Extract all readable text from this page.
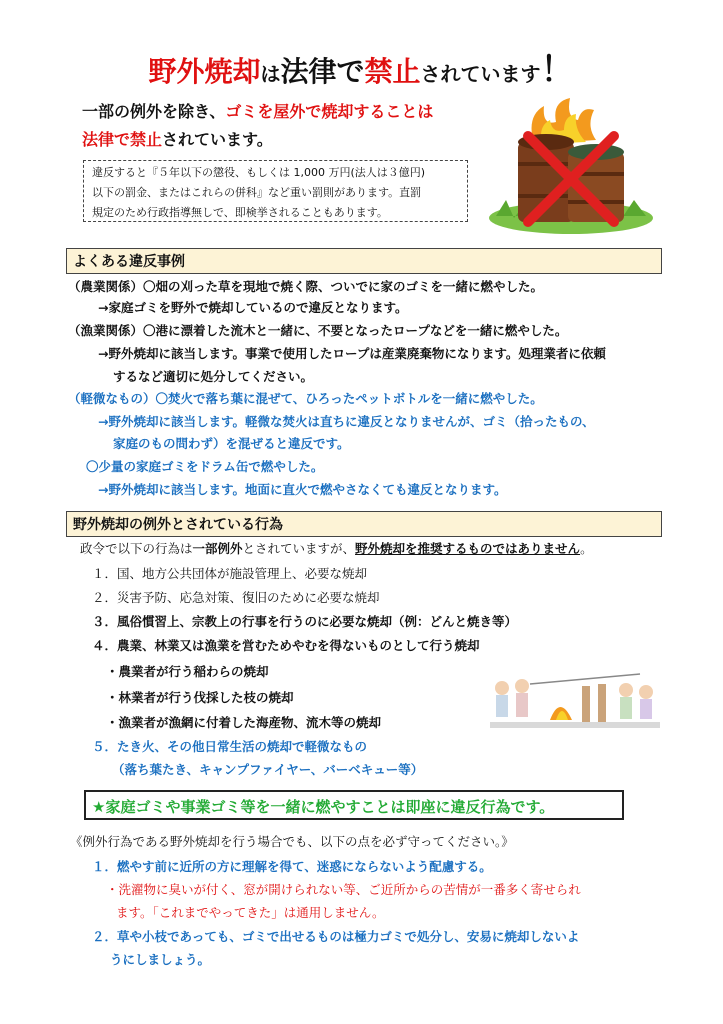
野外焼却は法律で禁止されています！
一部の例外を除き、ゴミを屋外で焼却することは
法律で禁止されています。
違反すると『５年以下の懲役、もしくは 1,000 万円(法人は３億円)
以下の罰金、またはこれらの併科』など重い罰則があります。直罰
規定のため行政指導無しで、即検挙されることもあります。
よくある違反事例
（農業関係）〇畑の刈った草を現地で焼く際、ついでに家のゴミを一緒に燃やした。
→家庭ゴミを野外で焼却しているので違反となります。
（漁業関係）〇港に漂着した流木と一緒に、不要となったロープなどを一緒に燃やした。
→野外焼却に該当します。事業で使用したロープは産業廃棄物になります。処理業者に依頼
するなど適切に処分してください。
（軽微なもの）〇焚火で落ち葉に混ぜて、ひろったペットボトルを一緒に燃やした。
→野外焼却に該当します。軽微な焚火は直ちに違反となりませんが、ゴミ（拾ったもの、
家庭のもの問わず）を混ぜると違反です。
〇少量の家庭ゴミをドラム缶で燃やした。
→野外焼却に該当します。地面に直火で燃やさなくても違反となります。
野外焼却の例外とされている行為
政令で以下の行為は一部例外とされていますが、野外焼却を推奨するものではありません。
１．国、地方公共団体が施設管理上、必要な焼却
２．災害予防、応急対策、復旧のために必要な焼却
３．風俗慣習上、宗教上の行事を行うのに必要な焼却（例：どんと焼き等）
４．農業、林業又は漁業を営むためやむを得ないものとして行う焼却
・農業者が行う稲わらの焼却
・林業者が行う伐採した枝の焼却
・漁業者が漁網に付着した海産物、流木等の焼却
５．たき火、その他日常生活の焼却で軽微なもの
（落ち葉たき、キャンプファイヤー、バーベキュー等）
★家庭ゴミや事業ゴミ等を一緒に燃やすことは即座に違反行為です。
《例外行為である野外焼却を行う場合でも、以下の点を必ず守ってください。》
１．燃やす前に近所の方に理解を得て、迷惑にならないよう配慮する。
・洗濯物に臭いが付く、窓が開けられない等、ご近所からの苦情が一番多く寄せられ
ます。「これまでやってきた」は通用しません。
２．草や小枝であっても、ゴミで出せるものは極力ゴミで処分し、安易に焼却しないよ
うにしましょう。
